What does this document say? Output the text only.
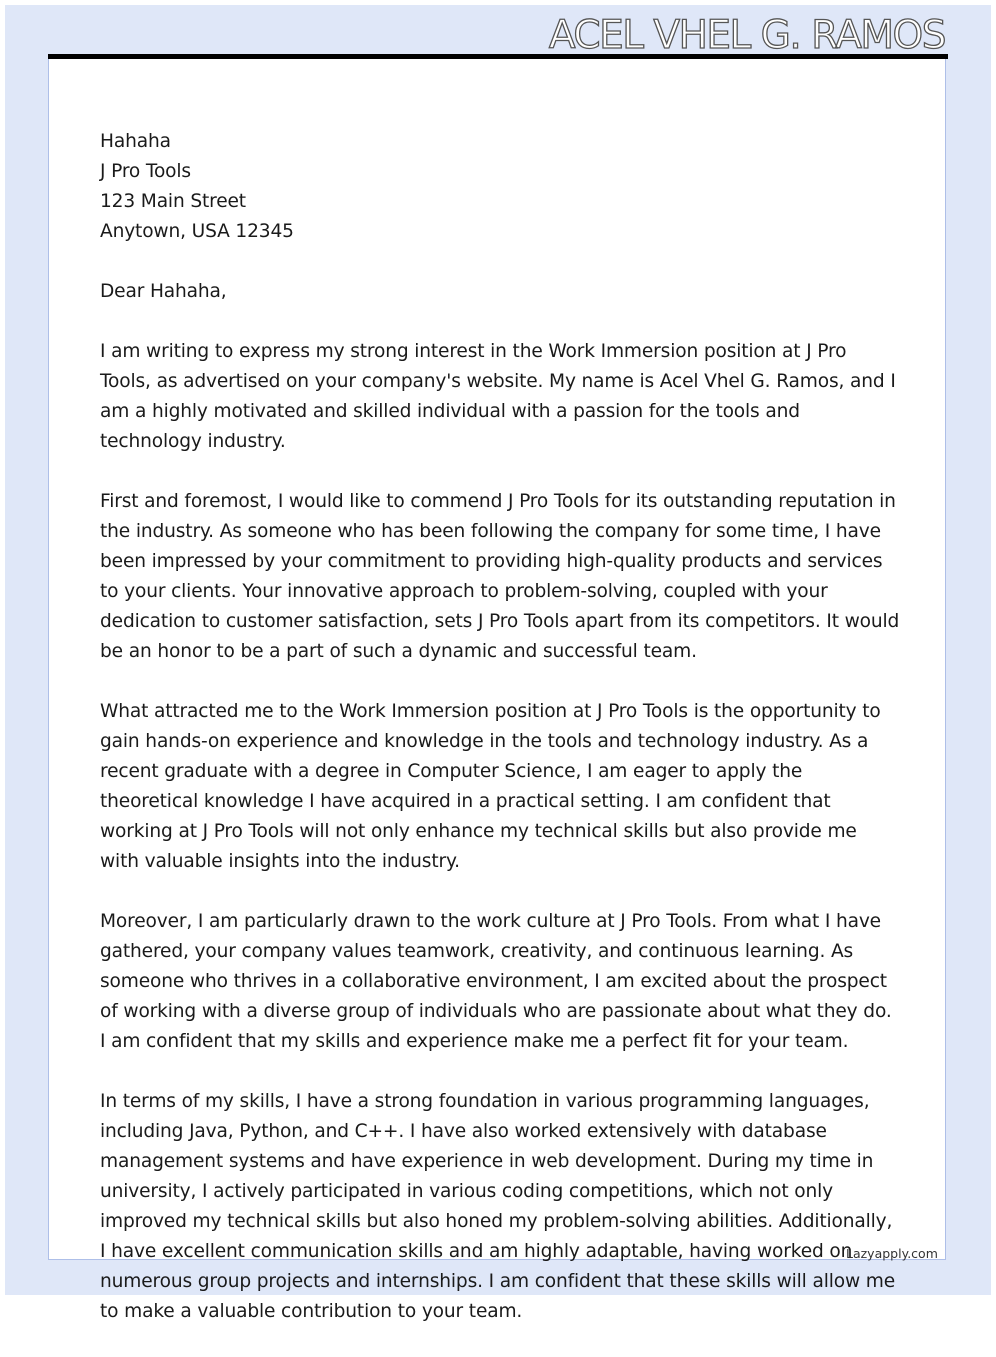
ACEL VHEL G. RAMOS

Hahaha
J Pro Tools
123 Main Street
Anytown, USA 12345

Dear Hahaha,

I am writing to express my strong interest in the Work Immersion position at J Pro Tools, as advertised on your company's website. My name is Acel Vhel G. Ramos, and I am a highly motivated and skilled individual with a passion for the tools and technology industry.

First and foremost, I would like to commend J Pro Tools for its outstanding reputation in the industry. As someone who has been following the company for some time, I have been impressed by your commitment to providing high-quality products and services to your clients. Your innovative approach to problem-solving, coupled with your dedication to customer satisfaction, sets J Pro Tools apart from its competitors. It would be an honor to be a part of such a dynamic and successful team.

What attracted me to the Work Immersion position at J Pro Tools is the opportunity to gain hands-on experience and knowledge in the tools and technology industry. As a recent graduate with a degree in Computer Science, I am eager to apply the theoretical knowledge I have acquired in a practical setting. I am confident that working at J Pro Tools will not only enhance my technical skills but also provide me with valuable insights into the industry.

Moreover, I am particularly drawn to the work culture at J Pro Tools. From what I have gathered, your company values teamwork, creativity, and continuous learning. As someone who thrives in a collaborative environment, I am excited about the prospect of working with a diverse group of individuals who are passionate about what they do. I am confident that my skills and experience make me a perfect fit for your team.

In terms of my skills, I have a strong foundation in various programming languages, including Java, Python, and C++. I have also worked extensively with database management systems and have experience in web development. During my time in university, I actively participated in various coding competitions, which not only improved my technical skills but also honed my problem-solving abilities. Additionally, I have excellent communication skills and am highly adaptable, having worked on numerous group projects and internships. I am confident that these skills will allow me to make a valuable contribution to your team.

Lazyapply.com
